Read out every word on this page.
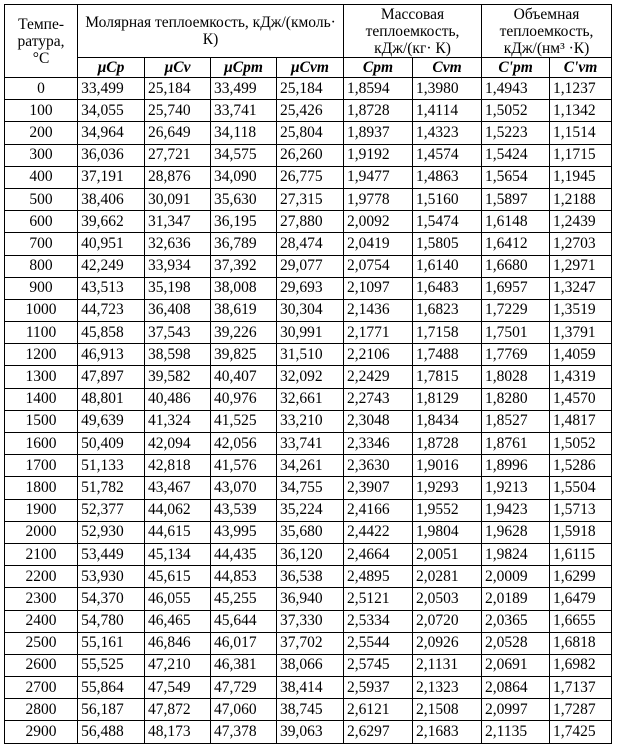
Темпе-ратура, °C	Молярная теплоемкость, кДж/(кмоль· К)				Массовая теплоемкость, кДж/(кг· К)		Объемная теплоемкость, кДж/(нм³ ·К)	
	μCp	μCv	μCpm	μCvm	Cpm	Cvm	C'pm	C'vm
0	33,499	25,184	33,499	25,184	1,8594	1,3980	1,4943	1,1237
100	34,055	25,740	33,741	25,426	1,8728	1,4114	1,5052	1,1342
200	34,964	26,649	34,118	25,804	1,8937	1,4323	1,5223	1,1514
300	36,036	27,721	34,575	26,260	1,9192	1,4574	1,5424	1,1715
400	37,191	28,876	34,090	26,775	1,9477	1,4863	1,5654	1,1945
500	38,406	30,091	35,630	27,315	1,9778	1,5160	1,5897	1,2188
600	39,662	31,347	36,195	27,880	2,0092	1,5474	1,6148	1,2439
700	40,951	32,636	36,789	28,474	2,0419	1,5805	1,6412	1,2703
800	42,249	33,934	37,392	29,077	2,0754	1,6140	1,6680	1,2971
900	43,513	35,198	38,008	29,693	2,1097	1,6483	1,6957	1,3247
1000	44,723	36,408	38,619	30,304	2,1436	1,6823	1,7229	1,3519
1100	45,858	37,543	39,226	30,991	2,1771	1,7158	1,7501	1,3791
1200	46,913	38,598	39,825	31,510	2,2106	1,7488	1,7769	1,4059
1300	47,897	39,582	40,407	32,092	2,2429	1,7815	1,8028	1,4319
1400	48,801	40,486	40,976	32,661	2,2743	1,8129	1,8280	1,4570
1500	49,639	41,324	41,525	33,210	2,3048	1,8434	1,8527	1,4817
1600	50,409	42,094	42,056	33,741	2,3346	1,8728	1,8761	1,5052
1700	51,133	42,818	41,576	34,261	2,3630	1,9016	1,8996	1,5286
1800	51,782	43,467	43,070	34,755	2,3907	1,9293	1,9213	1,5504
1900	52,377	44,062	43,539	35,224	2,4166	1,9552	1,9423	1,5713
2000	52,930	44,615	43,995	35,680	2,4422	1,9804	1,9628	1,5918
2100	53,449	45,134	44,435	36,120	2,4664	2,0051	1,9824	1,6115
2200	53,930	45,615	44,853	36,538	2,4895	2,0281	2,0009	1,6299
2300	54,370	46,055	45,255	36,940	2,5121	2,0503	2,0189	1,6479
2400	54,780	46,465	45,644	37,330	2,5334	2,0720	2,0365	1,6655
2500	55,161	46,846	46,017	37,702	2,5544	2,0926	2,0528	1,6818
2600	55,525	47,210	46,381	38,066	2,5745	2,1131	2,0691	1,6982
2700	55,864	47,549	47,729	38,414	2,5937	2,1323	2,0864	1,7137
2800	56,187	47,872	47,060	38,745	2,6121	2,1508	2,0997	1,7287
2900	56,488	48,173	47,378	39,063	2,6297	2,1683	2,1135	1,7425
